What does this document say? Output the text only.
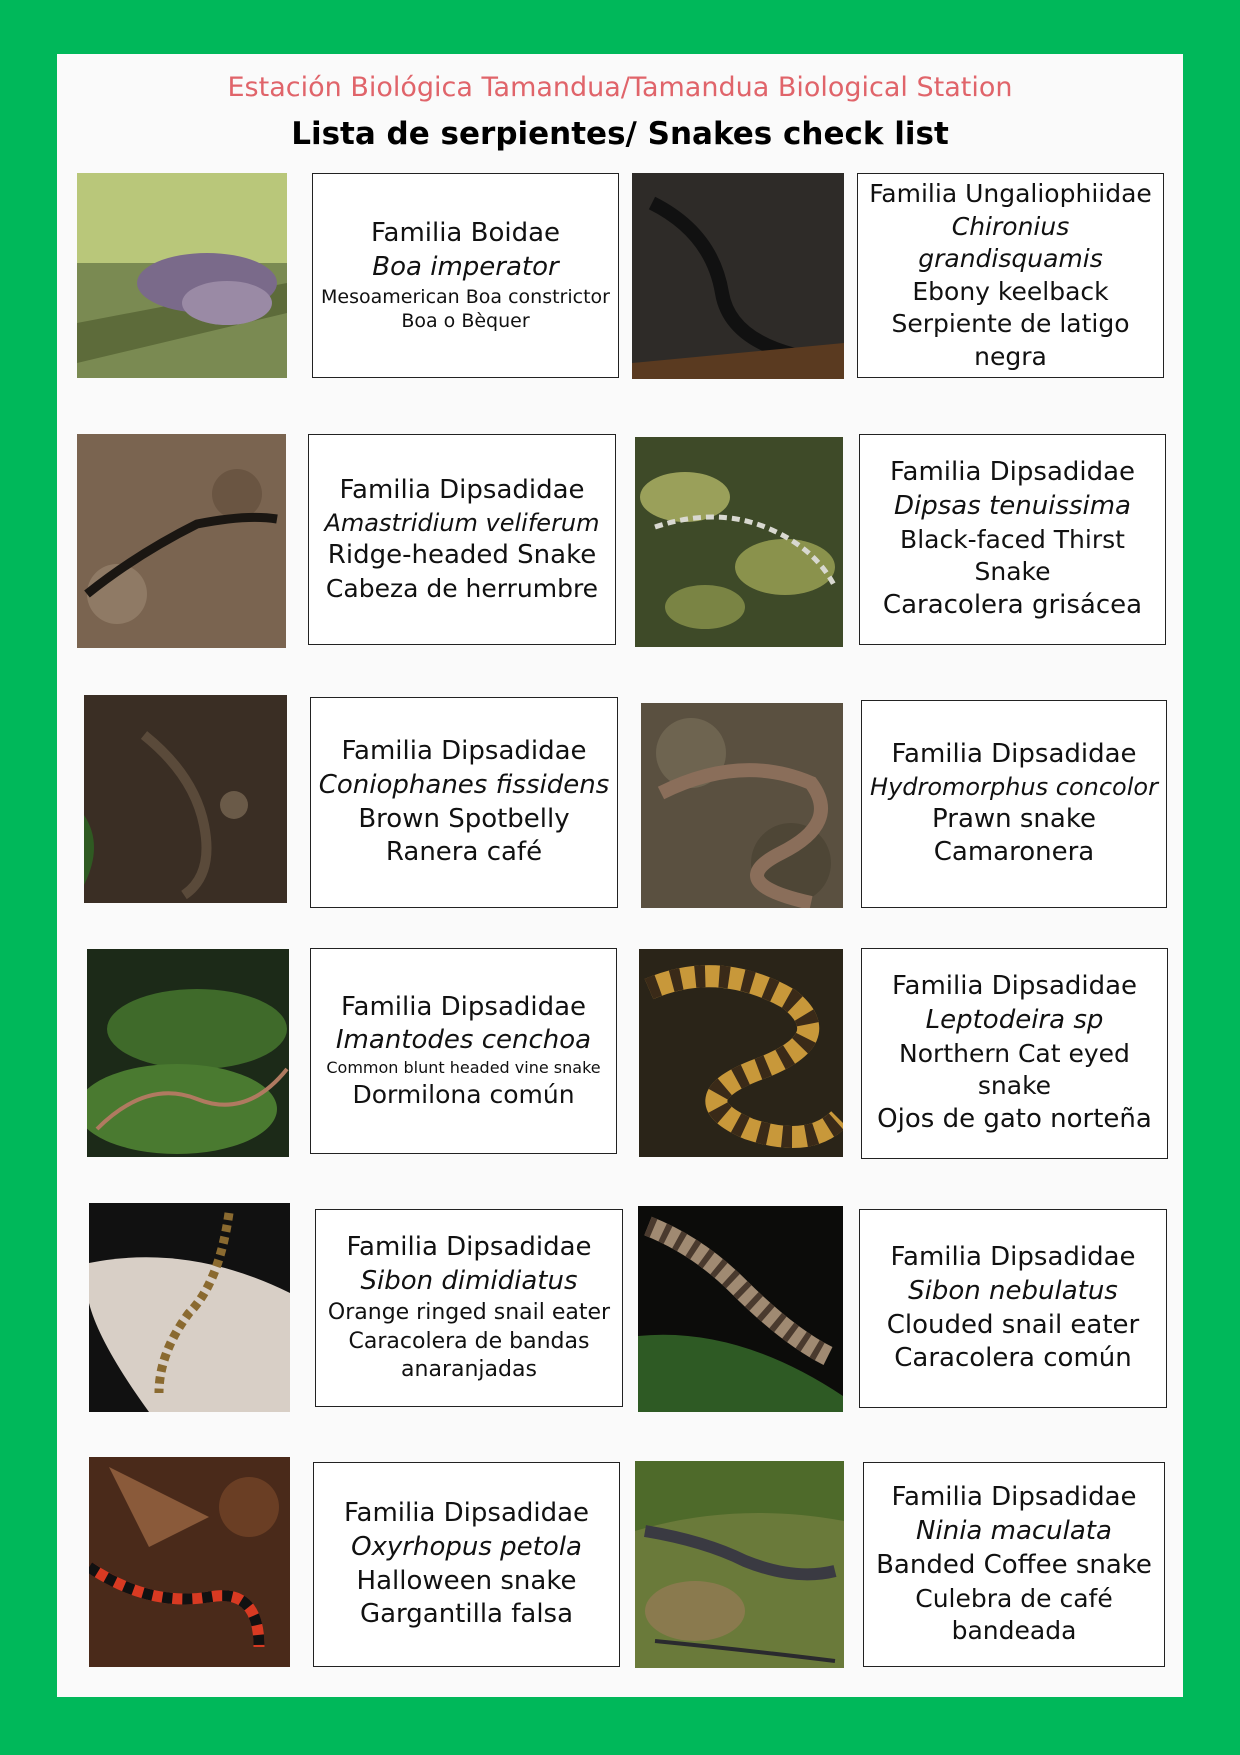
Estación Biológica Tamandua/Tamandua Biological Station
Lista de serpientes/ Snakes check list
Familia Boidae
Boa imperator
Mesoamerican Boa constrictor
Boa o Bèquer
Familia Ungaliophiidae
Chironius grandisquamis
Ebony keelback
Serpiente de latigo negra
Familia Dipsadidae
Amastridium veliferum
Ridge-headed Snake
Cabeza de herrumbre
Familia Dipsadidae
Dipsas tenuissima
Black-faced Thirst Snake
Caracolera grisácea
Familia Dipsadidae
Coniophanes fissidens
Brown Spotbelly
Ranera café
Familia Dipsadidae
Hydromorphus concolor
Prawn snake
Camaronera
Familia Dipsadidae
Imantodes cenchoa
Common blunt headed vine snake
Dormilona común
Familia Dipsadidae
Leptodeira sp
Northern Cat eyed snake
Ojos de gato norteña
Familia Dipsadidae
Sibon dimidiatus
Orange ringed snail eater
Caracolera de bandas anaranjadas
Familia Dipsadidae
Sibon nebulatus
Clouded snail eater
Caracolera común
Familia Dipsadidae
Oxyrhopus petola
Halloween snake
Gargantilla falsa
Familia Dipsadidae
Ninia maculata
Banded Coffee snake
Culebra de café bandeada
